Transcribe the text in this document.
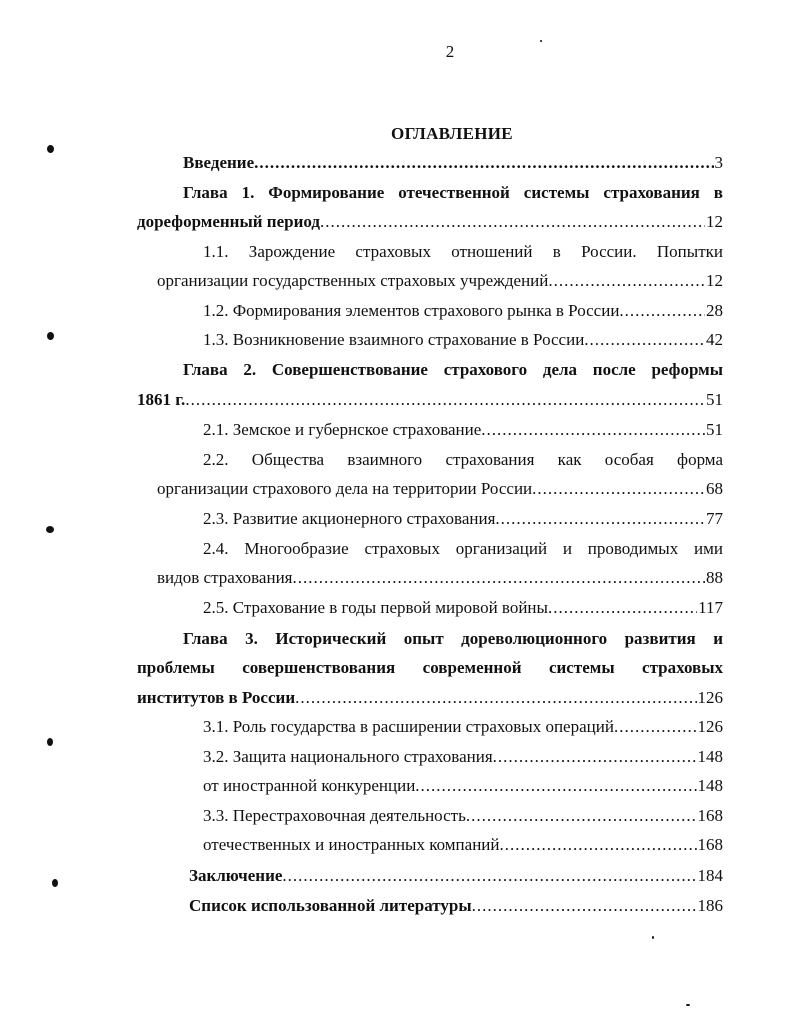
2
ОГЛАВЛЕНИЕ
Введение .....	3
Глава 1. Формирование отечественной системы страхования в
дореформенный период .....	12
1.1. Зарождение страховых отношений в России. Попытки
организации государственных страховых учреждений .....	12
1.2. Формирования элементов страхового рынка в России .....	28
1.3. Возникновение взаимного страхование в России .....	42
Глава 2. Совершенствование страхового дела после реформы
1861 г. .....	51
2.1. Земское и губернское страхование .....	51
2.2. Общества взаимного страхования как особая форма
организации страхового дела на территории России .....	68
2.3. Развитие акционерного страхования .....	77
2.4. Многообразие страховых организаций и проводимых ими
видов страхования .....	88
2.5. Страхование в годы первой мировой войны .....	117
Глава 3. Исторический опыт дореволюционного развития и
проблемы совершенствования современной системы страховых
институтов в России .....	126
3.1. Роль государства в расширении страховых операций .....	126
3.2. Защита национального страхования .....	148
от иностранной конкуренции .....	148
3.3. Перестраховочная деятельность .....	168
отечественных и иностранных компаний .....	168
Заключение .....	184
Список использованной литературы .....	186
